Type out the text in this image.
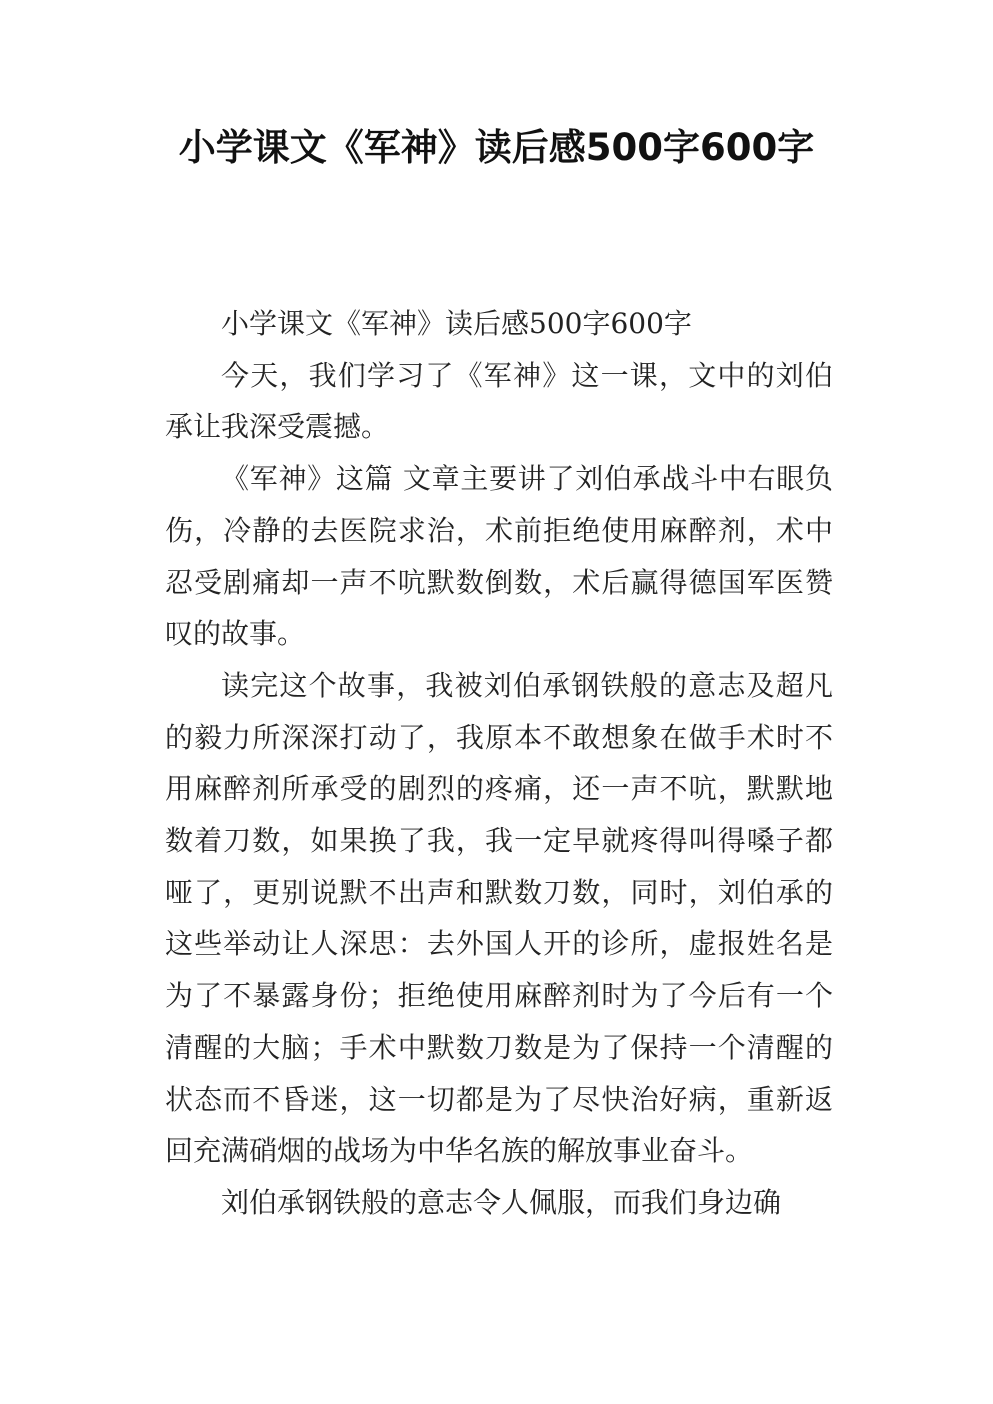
小学课文《军神》读后感500字600字

小学课文《军神》读后感500字600字

今天，我们学习了《军神》这一课，文中的刘伯承让我深受震撼。

《军神》这篇 文章主要讲了刘伯承战斗中右眼负伤，冷静的去医院求治，术前拒绝使用麻醉剂，术中忍受剧痛却一声不吭默数倒数，术后赢得德国军医赞叹的故事。

读完这个故事，我被刘伯承钢铁般的意志及超凡的毅力所深深打动了，我原本不敢想象在做手术时不用麻醉剂所承受的剧烈的疼痛，还一声不吭，默默地数着刀数，如果换了我，我一定早就疼得叫得嗓子都哑了，更别说默不出声和默数刀数，同时，刘伯承的这些举动让人深思：去外国人开的诊所，虚报姓名是为了不暴露身份；拒绝使用麻醉剂时为了今后有一个清醒的大脑；手术中默数刀数是为了保持一个清醒的状态而不昏迷，这一切都是为了尽快治好病，重新返回充满硝烟的战场为中华名族的解放事业奋斗。

刘伯承钢铁般的意志令人佩服，而我们身边确
